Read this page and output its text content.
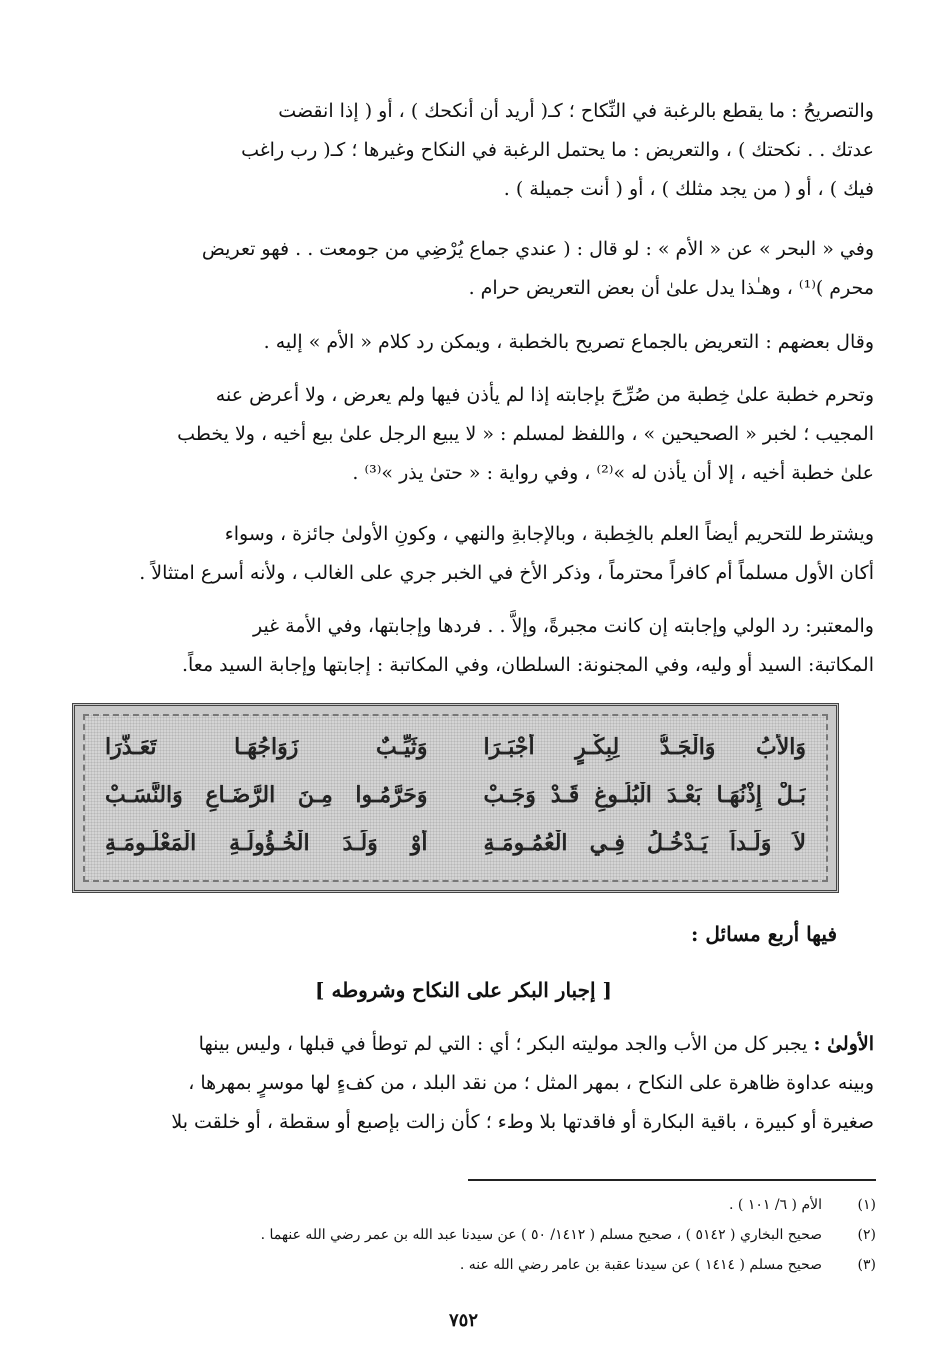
والتصريحُ : ما يقطع بالرغبة في النِّكاح ؛ كـ( أريد أن أنكحك ) ، أو ( إذا انقضت
عدتك . . نكحتك ) ، والتعريض : ما يحتمل الرغبة في النكاح وغيرها ؛ كـ( رب راغب
فيك ) ، أو ( من يجد مثلك ) ، أو ( أنت جميلة ) .
وفي « البحر » عن « الأم » : لو قال : ( عندي جماع يُرْضِي من جومعت . . فهو تعريض
محرم )⁽¹⁾ ، وهـٰذا يدل علىٰ أن بعض التعريض حرام .
وقال بعضهم : التعريض بالجماع تصريح بالخطبة ، ويمكن رد كلام « الأم » إليه .
وتحرم خطبة علىٰ خِطبة من صُرِّحَ بإجابته إذا لم يأذن فيها ولم يعرض ، ولا أعرض عنه
المجيب ؛ لخبر « الصحيحين » ، واللفظ لمسلم : « لا يبيع الرجل علىٰ بيع أخيه ، ولا يخطب
علىٰ خطبة أخيه ، إلا أن يأذن له »⁽²⁾ ، وفي رواية : « حتىٰ يذر »⁽³⁾ .
ويشترط للتحريم أيضاً العلم بالخِطبة ، وبالإجابةِ والنهي ، وكونِ الأولىٰ جائزة ، وسواء
أكان الأول مسلماً أم كافراً محترماً ، وذكر الأخ في الخبر جري على الغالب ، ولأنه أسرع امتثالاً .
والمعتبر: رد الولي وإجابته إن كانت مجبرةً، وإلاَّ . . فردها وإجابتها، وفي الأمة غير
المكاتبة: السيد أو وليه، وفي المجنونة: السلطان، وفي المكاتبة : إجابتها وإجابة السيد معاً.
وَالأَبُ وَالْجَـدُّ لِبِكْـرٍ أَجْبَـرَا
وَثَيِّـبٌ زَوَاجُهَـا تَعَـذَّرَا
بَـلْ إِذْنُهَـا بَعْـدَ الْبُلُـوغِ قَـدْ وَجَـبْ
وَحَرَّمُـوا مِـنَ الرَّضَـاعِ وَالنَّسَـبْ
لاَ وَلَـداً يَـدْخُـلُ فِـي الْعُمُـومَـةِ
أَوْ وَلَـدَ الْخُـؤُولَـةِ الْمَعْلُـومَـةِ

فيها أربع مسائل :

[ إجبار البكر على النكاح وشروطه ]

الأولىٰ : يجبر كل من الأب والجد موليته البكر ؛ أي : التي لم توطأ في قبلها ، وليس بينها
وبينه عداوة ظاهرة على النكاح ، بمهر المثل ؛ من نقد البلد ، من كفءٍ لها موسرٍ بمهرها ،
صغيرة أو كبيرة ، باقية البكارة أو فاقدتها بلا وطء ؛ كأن زالت بإصبع أو سقطة ، أو خلقت بلا
(١)
الأم ( ٦/ ١٠١ ) .
(٢)
صحيح البخاري ( ٥١٤٢ ) ، صحيح مسلم ( ١٤١٢/ ٥٠ ) عن سيدنا عبد الله بن عمر رضي الله عنهما .
(٣)
صحيح مسلم ( ١٤١٤ ) عن سيدنا عقبة بن عامر رضي الله عنه .
٧٥٢
